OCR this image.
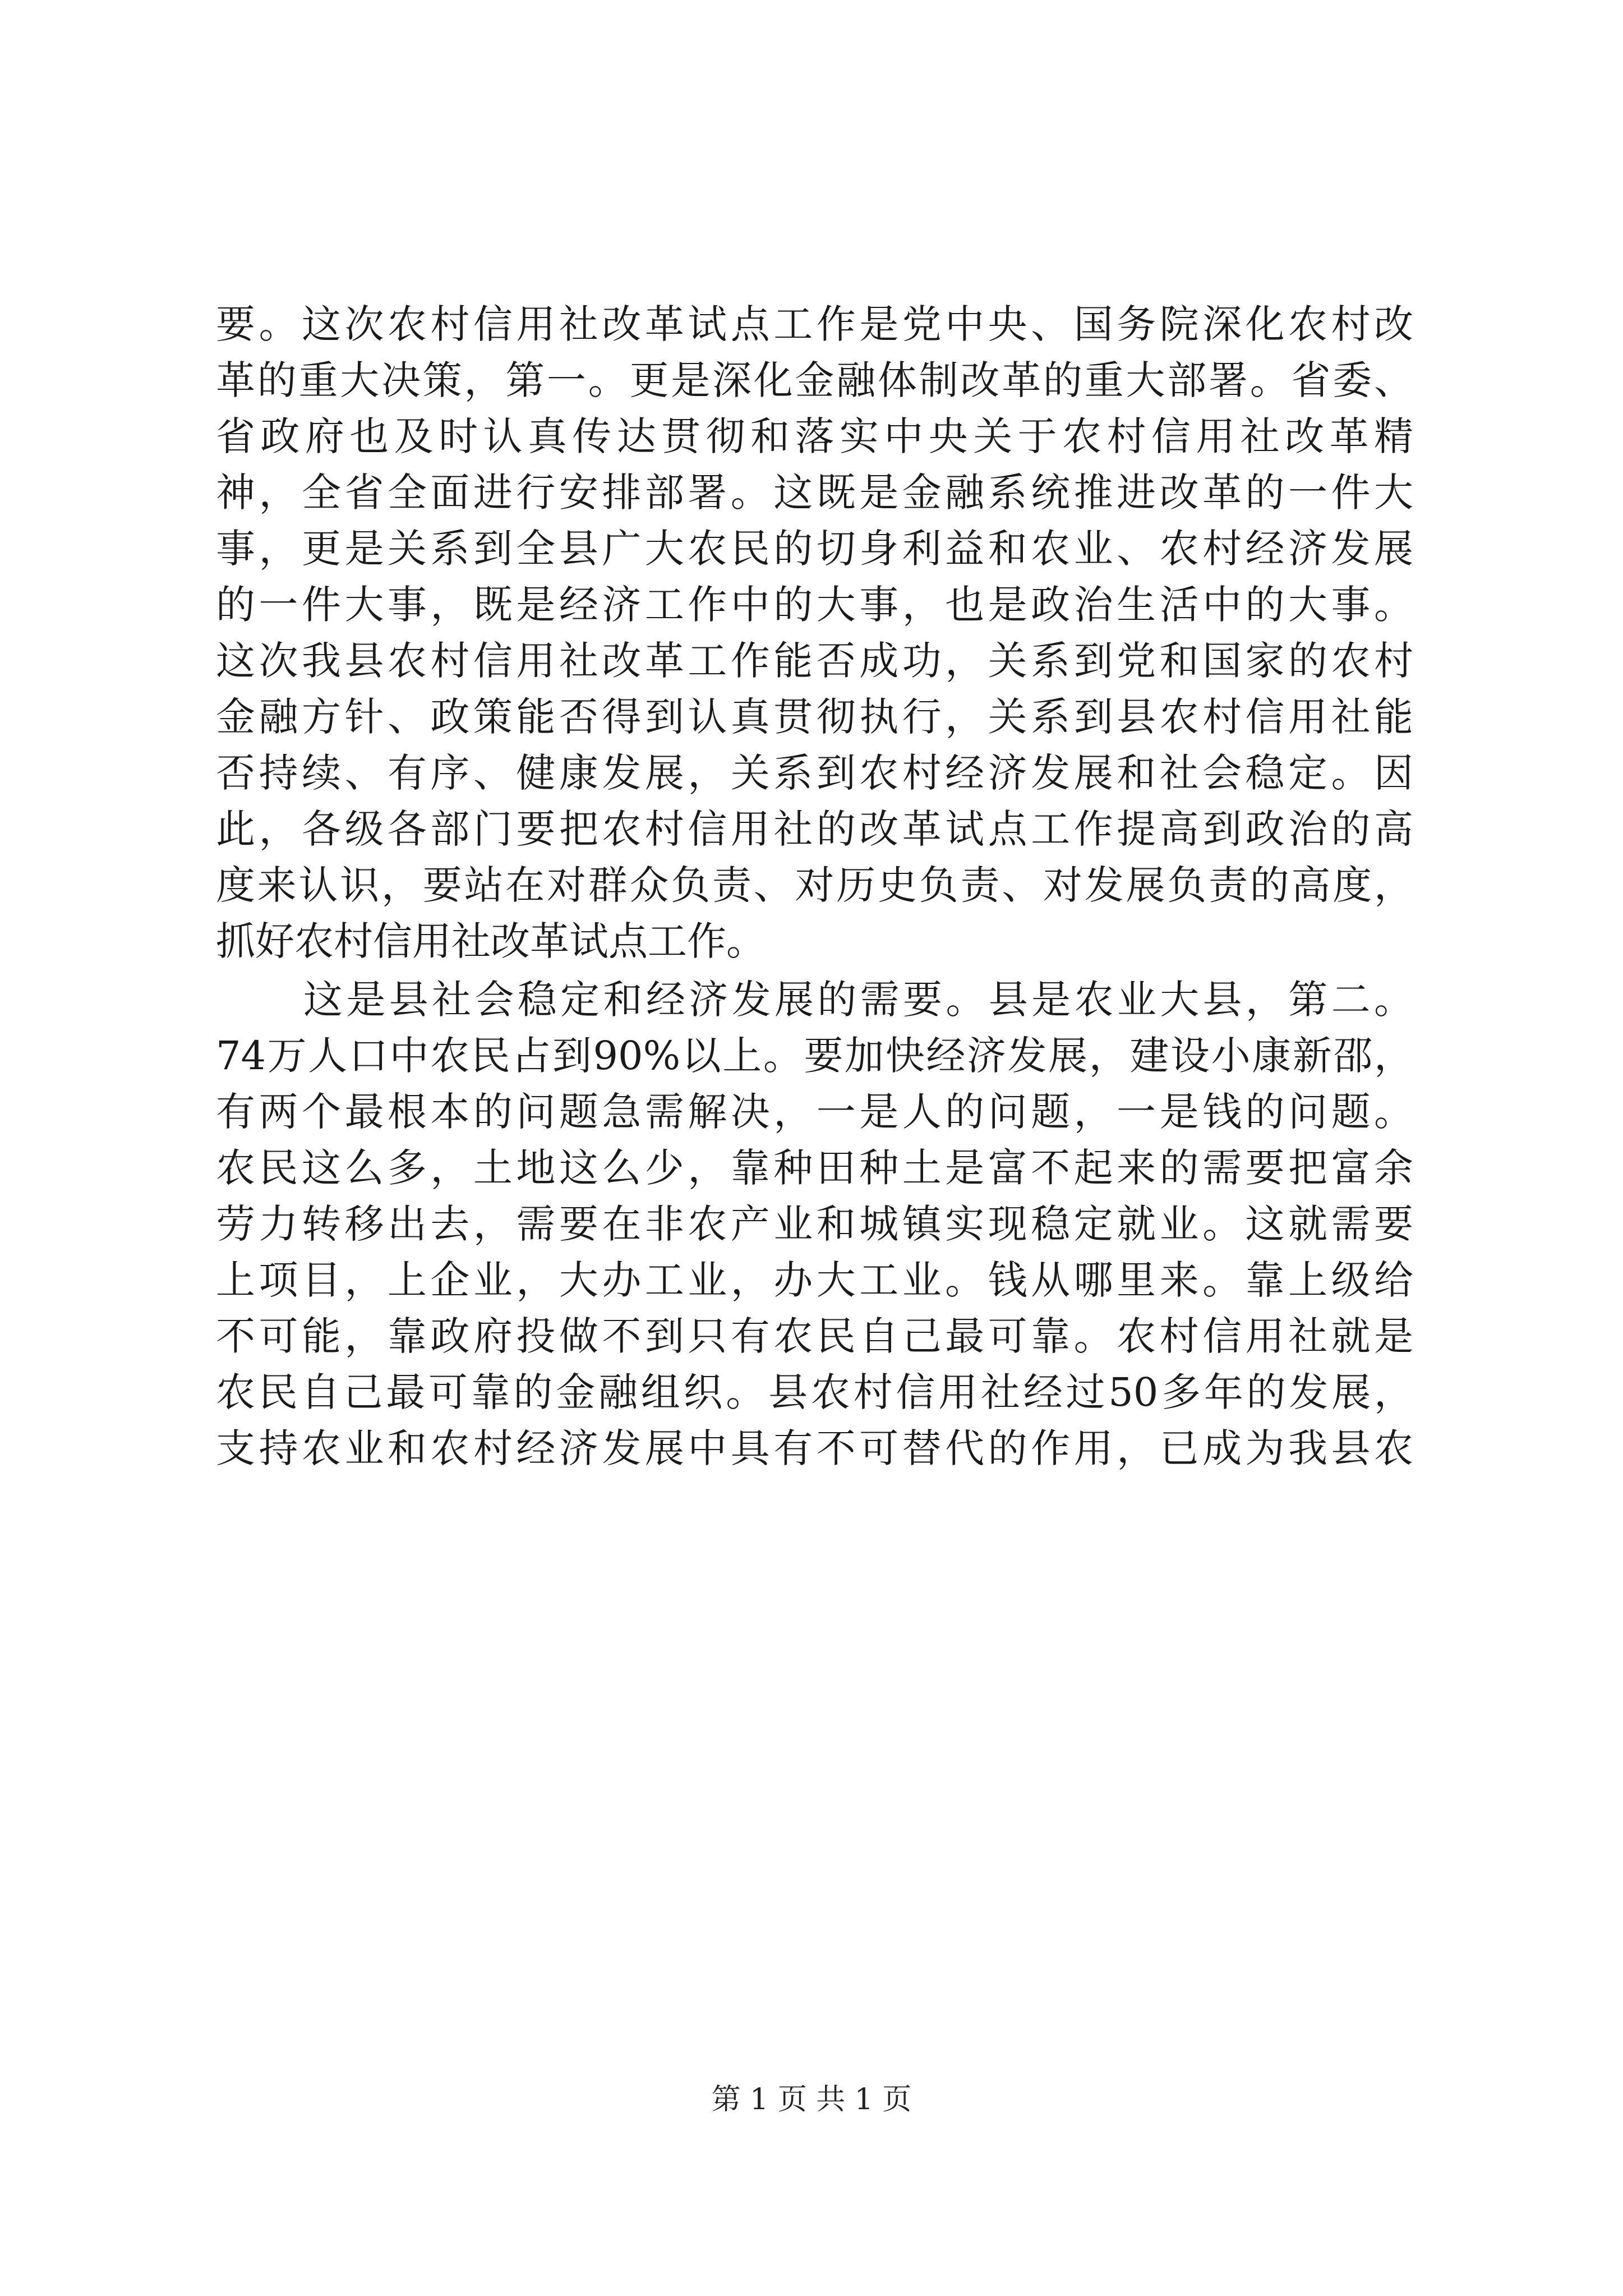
要。这次农村信用社改革试点工作是党中央、国务院深化农村改
革的重大决策，第一。更是深化金融体制改革的重大部署。省委、
省政府也及时认真传达贯彻和落实中央关于农村信用社改革精
神，全省全面进行安排部署。这既是金融系统推进改革的一件大
事，更是关系到全县广大农民的切身利益和农业、农村经济发展
的一件大事，既是经济工作中的大事，也是政治生活中的大事。
这次我县农村信用社改革工作能否成功，关系到党和国家的农村
金融方针、政策能否得到认真贯彻执行，关系到县农村信用社能
否持续、有序、健康发展，关系到农村经济发展和社会稳定。因
此，各级各部门要把农村信用社的改革试点工作提高到政治的高
度来认识，要站在对群众负责、对历史负责、对发展负责的高度，
抓好农村信用社改革试点工作。
这是县社会稳定和经济发展的需要。县是农业大县，第二。
74万人口中农民占到90%以上。要加快经济发展，建设小康新邵，
有两个最根本的问题急需解决，一是人的问题，一是钱的问题。
农民这么多，土地这么少，靠种田种土是富不起来的需要把富余
劳力转移出去，需要在非农产业和城镇实现稳定就业。这就需要
上项目，上企业，大办工业，办大工业。钱从哪里来。靠上级给
不可能，靠政府投做不到只有农民自己最可靠。农村信用社就是
农民自己最可靠的金融组织。县农村信用社经过50多年的发展，
支持农业和农村经济发展中具有不可替代的作用，已成为我县农
第 1 页 共 1 页
